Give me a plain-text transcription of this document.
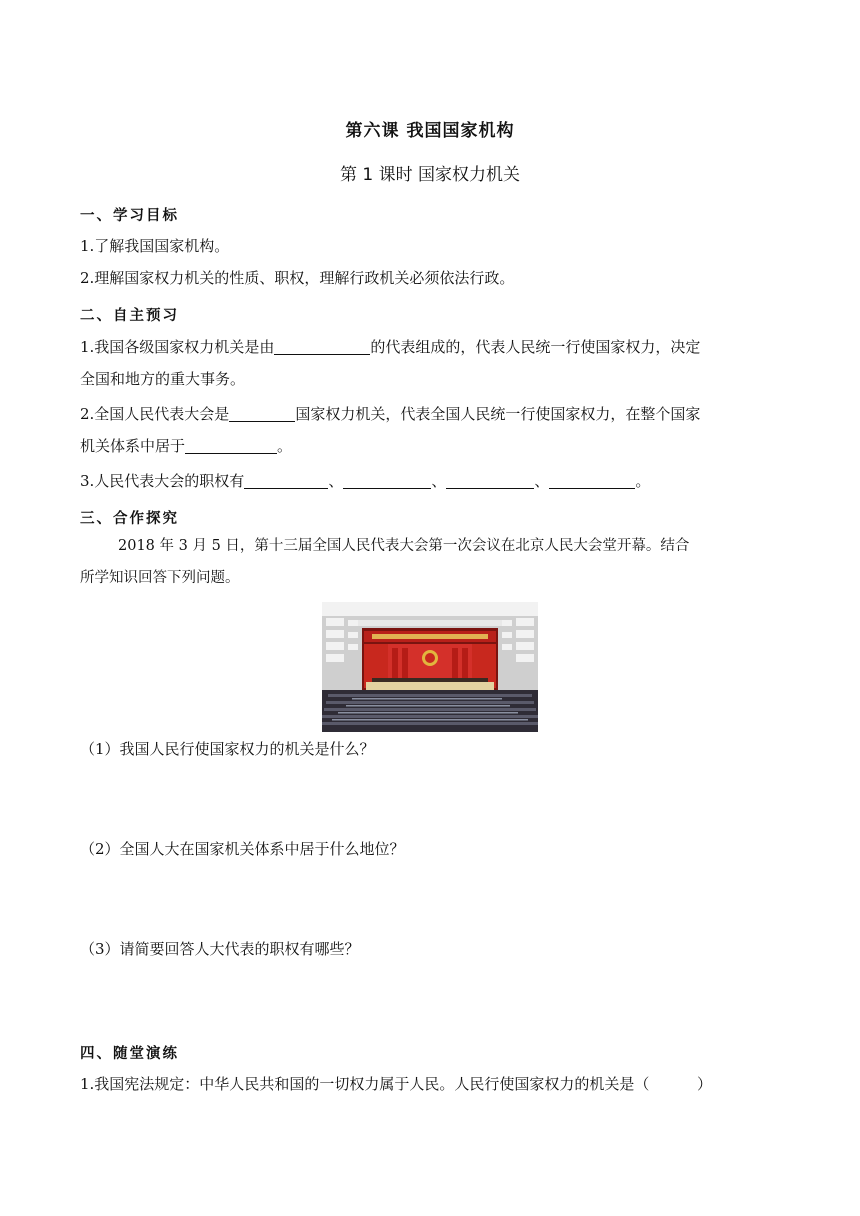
第六课 我国国家机构
第 1 课时 国家权力机关
一、学习目标
1.了解我国国家机构。
2.理解国家权力机关的性质、职权，理解行政机关必须依法行政。
二、自主预习
1.我国各级国家权力机关是由	的代表组成的，代表人民统一行使国家权力，决定
全国和地方的重大事务。
2.全国人民代表大会是	国家权力机关，代表全国人民统一行使国家权力，在整个国家
机关体系中居于	。
3.人民代表大会的职权有	、	、	、	。
三、合作探究
2018 年 3 月 5 日，第十三届全国人民代表大会第一次会议在北京人民大会堂开幕。结合
所学知识回答下列问题。
（1）我国人民行使国家权力的机关是什么？
（2）全国人大在国家机关体系中居于什么地位？
（3）请简要回答人大代表的职权有哪些？
四、随堂演练
1.我国宪法规定：中华人民共和国的一切权力属于人民。人民行使国家权力的机关是（          ）
